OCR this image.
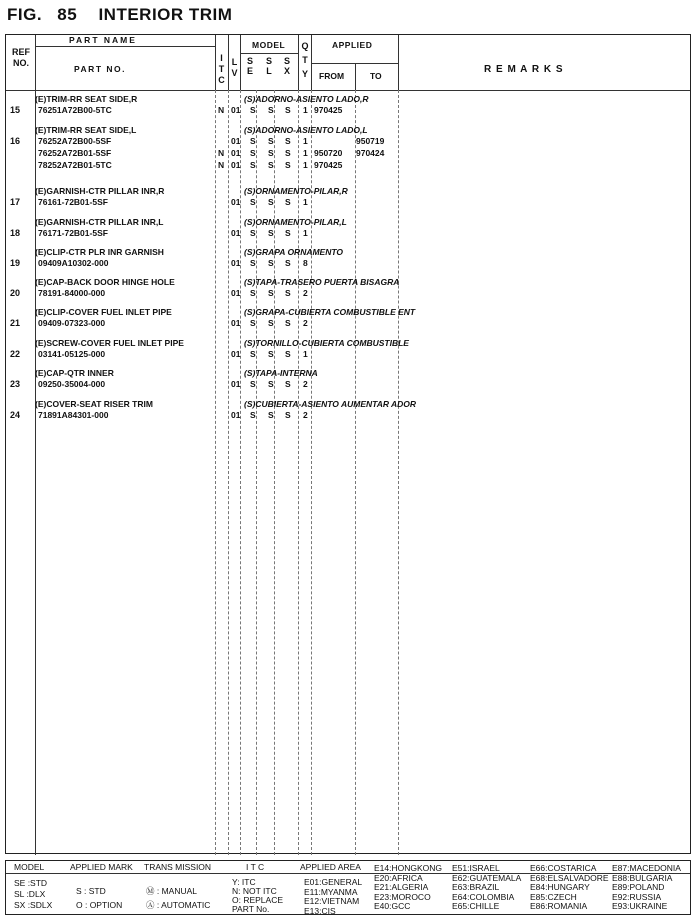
FIG. 85 INTERIOR TRIM
REF
NO.
PART NAME
PART NO.
I
T
C
L
V
MODEL
S
E
S
L
S
X
Q
T
Y
APPLIED
FROM	TO
R E M A R K S
15
(E)TRIM-RR SEAT SIDE,R	(S)ADORNO-ASIENTO LADO,R
76251A72B00-5TC	N 01 S S S 1 970425
16
(E)TRIM-RR SEAT SIDE,L	(S)ADORNO-ASIENTO LADO,L
76252A72B00-5SF	01 S S S 1	950719
76252A72B01-5SF	N 01 S S S 1 950720 970424
78252A72B01-5TC	N 01 S S S 1 970425
17
(E)GARNISH-CTR PILLAR INR,R	(S)ORNAMENTO-PILAR,R
76161-72B01-5SF	01 S S S 1
18
(E)GARNISH-CTR PILLAR INR,L	(S)ORNAMENTO-PILAR,L
76171-72B01-5SF	01 S S S 1
19
(E)CLIP-CTR PLR INR GARNISH	(S)GRAPA ORNAMENTO
09409A10302-000	01 S S S 8
20
(E)CAP-BACK DOOR HINGE HOLE	(S)TAPA-TRASERO PUERTA BISAGRA
78191-84000-000	01 S S S 2
21
(E)CLIP-COVER FUEL INLET PIPE	(S)GRAPA-CUBIERTA COMBUSTIBLE ENT
09409-07323-000	01 S S S 2
22
(E)SCREW-COVER FUEL INLET PIPE	(S)TORNILLO-CUBIERTA COMBUSTIBLE
03141-05125-000	01 S S S 1
23
(E)CAP-QTR INNER	(S)TAPA-INTERNA
09250-35004-000	01 S S S 2
24
(E)COVER-SEAT RISER TRIM	(S)CUBIERTA-ASIENTO AUMENTAR ADOR
71891A84301-000	01 S S S 2
MODEL	APPLIED MARK TRANS MISSION	I T C	APPLIED AREA
SE :STD
SL :DLX
SX :SDLX
S : STD
O : OPTION
Ⓜ : MANUAL
Ⓐ : AUTOMATIC
Y: ITC
N: NOT ITC
O: REPLACE
PART No.
E01:GENERAL
E11:MYANMA
E12:VIETNAM
E13:CIS
E14:HONGKONG
E20:AFRICA
E21:ALGERIA
E23:MOROCO
E40:GCC
E51:ISRAEL
E62:GUATEMALA
E63:BRAZIL
E64:COLOMBIA
E65:CHILLE
E66:COSTARICA
E68:ELSALVADORE
E84:HUNGARY
E85:CZECH
E86:ROMANIA
E87:MACEDONIA
E88:BULGARIA
E89:POLAND
E92:RUSSIA
E93:UKRAINE
